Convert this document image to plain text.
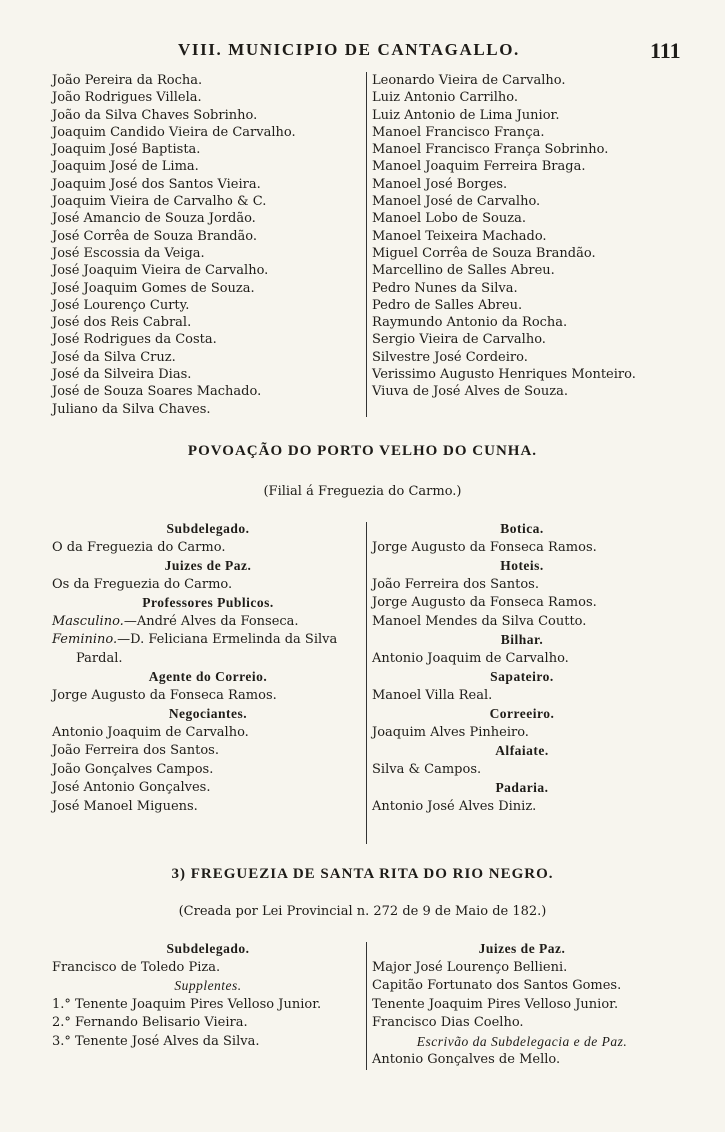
VIII. MUNICIPIO DE CANTAGALLO.	111
João Pereira da Rocha.
João Rodrigues Villela.
João da Silva Chaves Sobrinho.
Joaquim Candido Vieira de Carvalho.
Joaquim José Baptista.
Joaquim José de Lima.
Joaquim José dos Santos Vieira.
Joaquim Vieira de Carvalho & C.
José Amancio de Souza Jordão.
José Corrêa de Souza Brandão.
José Escossia da Veiga.
José Joaquim Vieira de Carvalho.
José Joaquim Gomes de Souza.
José Lourenço Curty.
José dos Reis Cabral.
José Rodrigues da Costa.
José da Silva Cruz.
José da Silveira Dias.
José de Souza Soares Machado.
Juliano da Silva Chaves.
Leonardo Vieira de Carvalho.
Luiz Antonio Carrilho.
Luiz Antonio de Lima Junior.
Manoel Francisco França.
Manoel Francisco França Sobrinho.
Manoel Joaquim Ferreira Braga.
Manoel José Borges.
Manoel José de Carvalho.
Manoel Lobo de Souza.
Manoel Teixeira Machado.
Miguel Corrêa de Souza Brandão.
Marcellino de Salles Abreu.
Pedro Nunes da Silva.
Pedro de Salles Abreu.
Raymundo Antonio da Rocha.
Sergio Vieira de Carvalho.
Silvestre José Cordeiro.
Verissimo Augusto Henriques Monteiro.
Viuva de José Alves de Souza.
POVOAÇÃO DO PORTO VELHO DO CUNHA.
(Filial á Freguezia do Carmo.)
Subdelegado.
O da Freguezia do Carmo.
Juizes de Paz.
Os da Freguezia do Carmo.
Professores Publicos.
Masculino.—André Alves da Fonseca.
Feminino.—D. Feliciana Ermelinda da Silva
Pardal.
Agente do Correio.
Jorge Augusto da Fonseca Ramos.
Negociantes.
Antonio Joaquim de Carvalho.
João Ferreira dos Santos.
João Gonçalves Campos.
José Antonio Gonçalves.
José Manoel Miguens.
Botica.
Jorge Augusto da Fonseca Ramos.
Hoteis.
João Ferreira dos Santos.
Jorge Augusto da Fonseca Ramos.
Manoel Mendes da Silva Coutto.
Bilhar.
Antonio Joaquim de Carvalho.
Sapateiro.
Manoel Villa Real.
Correeiro.
Joaquim Alves Pinheiro.
Alfaiate.
Silva & Campos.
Padaria.
Antonio José Alves Diniz.
3) FREGUEZIA DE SANTA RITA DO RIO NEGRO.
(Creada por Lei Provincial n. 272 de 9 de Maio de 182.)
Subdelegado.
Francisco de Toledo Piza.
Supplentes.
1.° Tenente Joaquim Pires Velloso Junior.
2.° Fernando Belisario Vieira.
3.° Tenente José Alves da Silva.
Juizes de Paz.
Major José Lourenço Bellieni.
Capitão Fortunato dos Santos Gomes.
Tenente Joaquim Pires Velloso Junior.
Francisco Dias Coelho.
Escrivão da Subdelegacia e de Paz.
Antonio Gonçalves de Mello.
